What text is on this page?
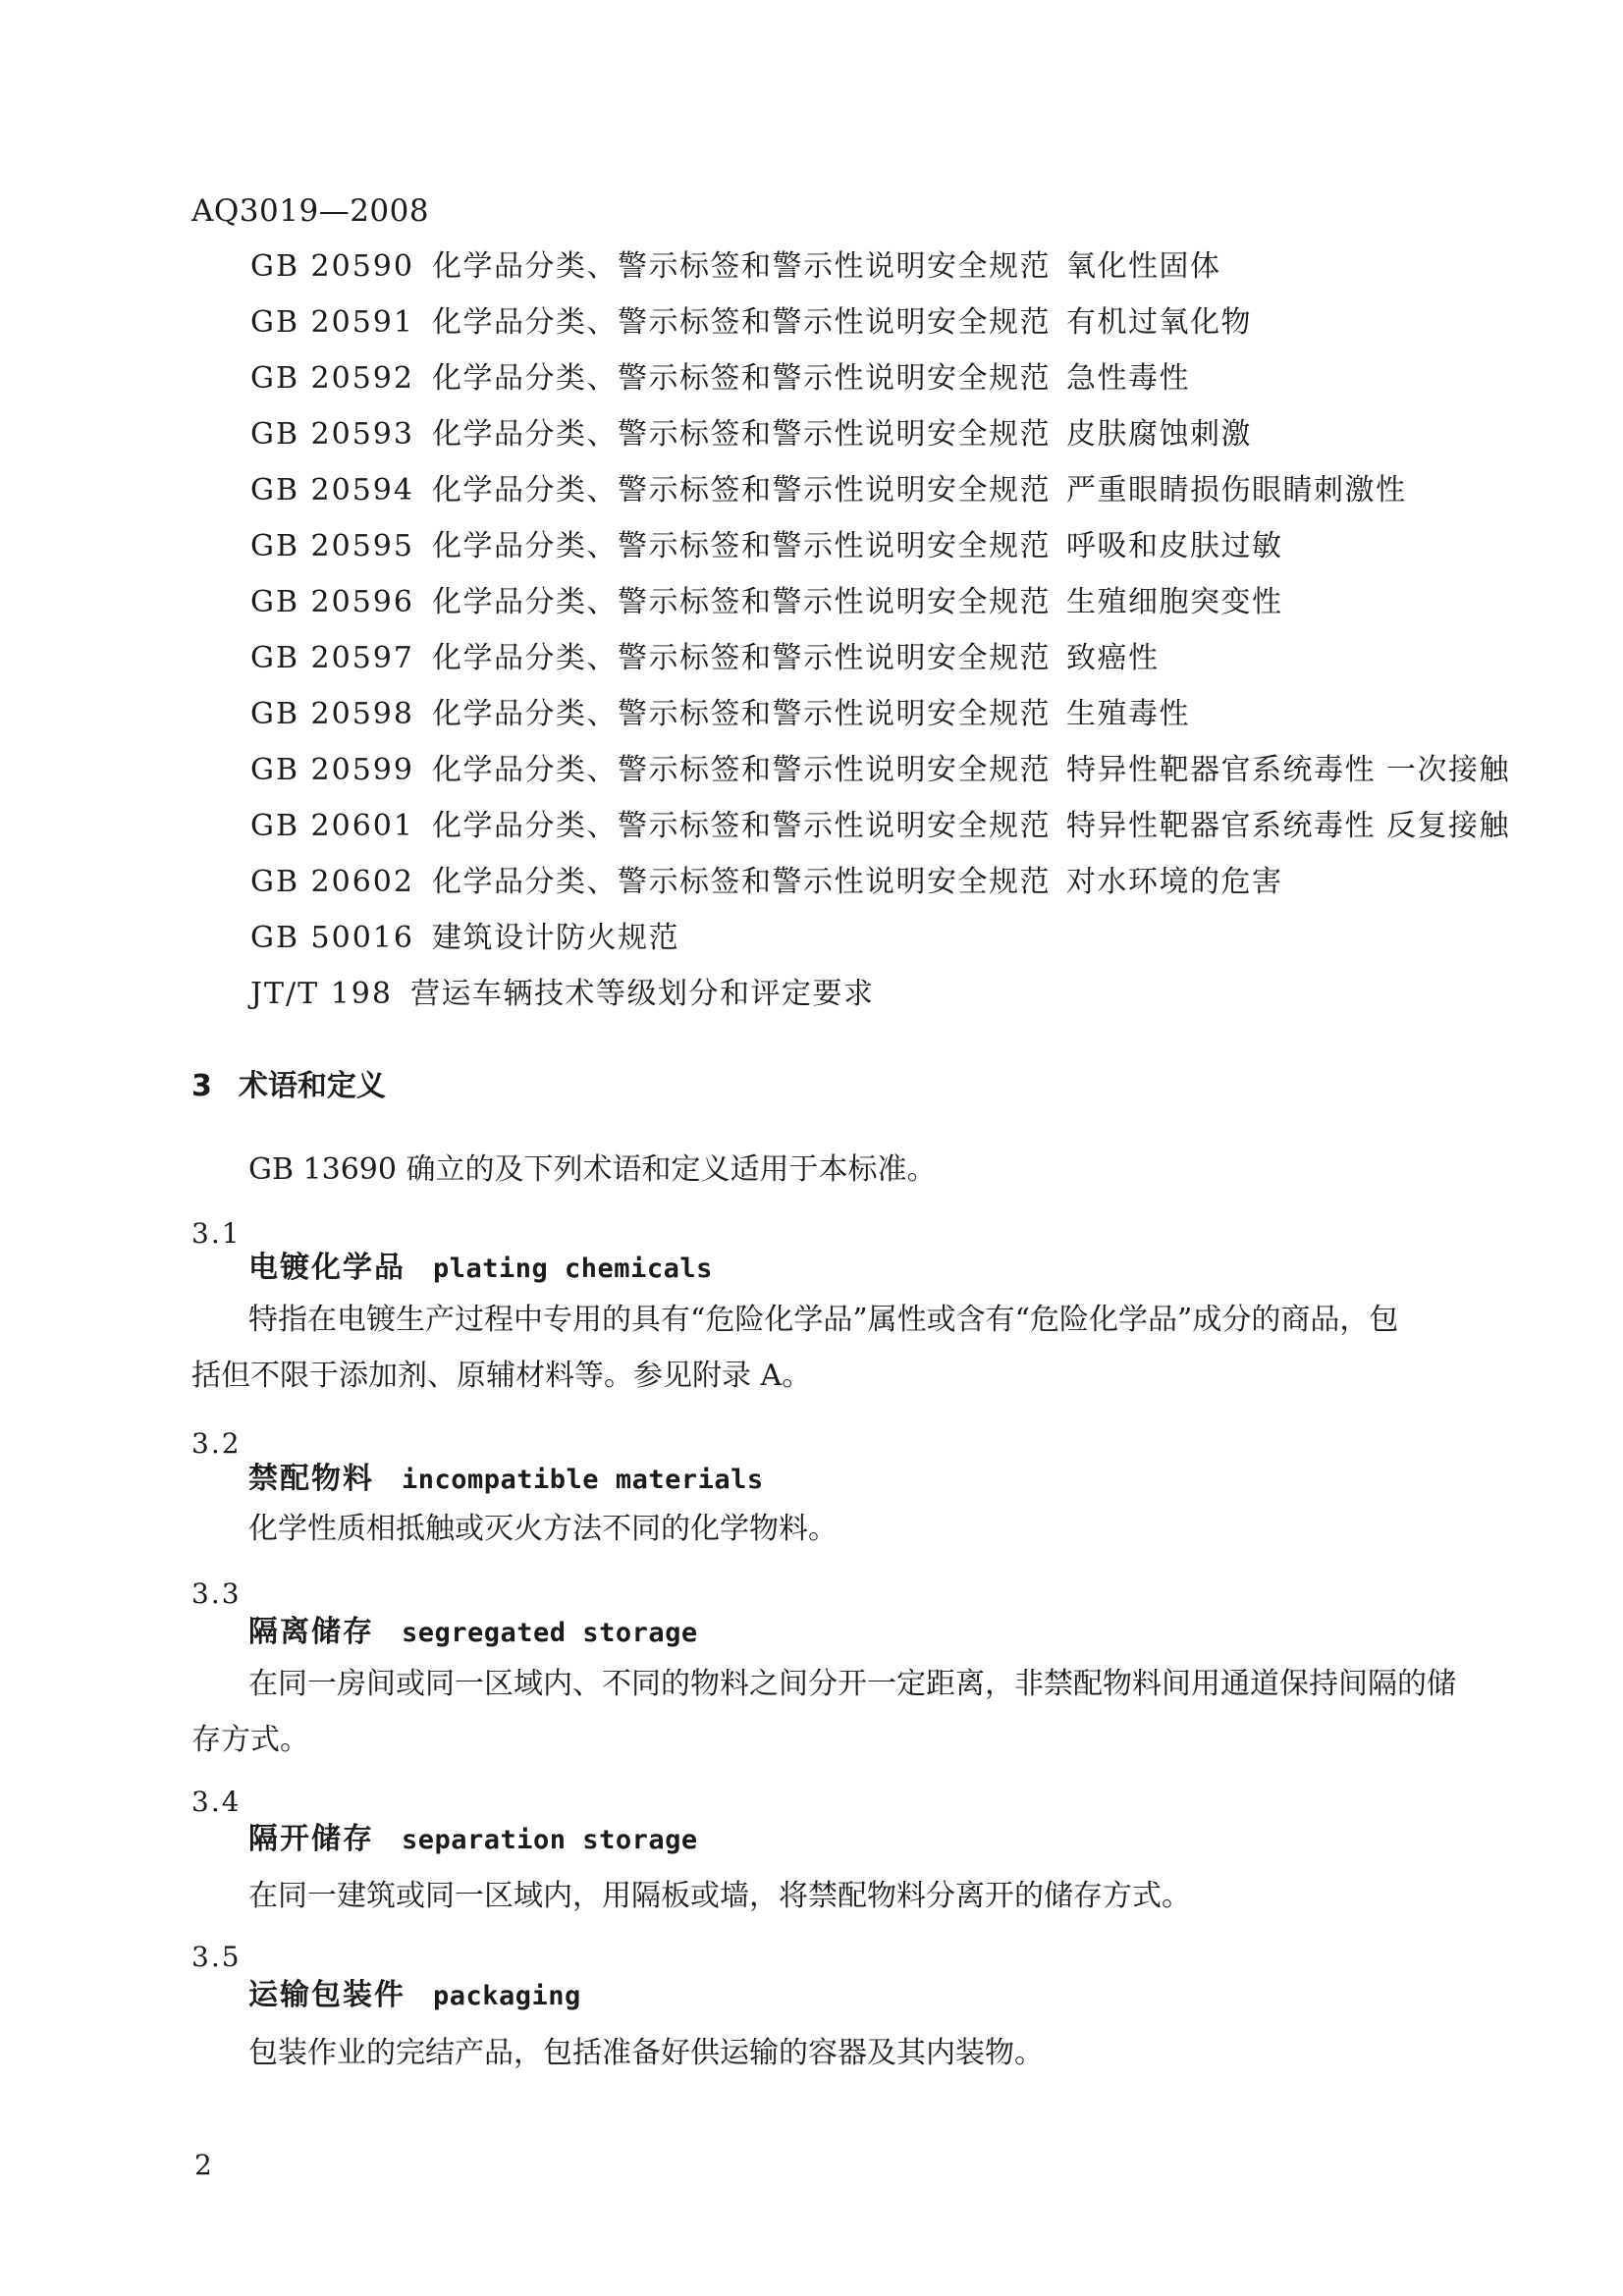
AQ3019—2008
GB 20590 化学品分类、警示标签和警示性说明安全规范 氧化性固体
GB 20591 化学品分类、警示标签和警示性说明安全规范 有机过氧化物
GB 20592 化学品分类、警示标签和警示性说明安全规范 急性毒性
GB 20593 化学品分类、警示标签和警示性说明安全规范 皮肤腐蚀刺激
GB 20594 化学品分类、警示标签和警示性说明安全规范 严重眼睛损伤眼睛刺激性
GB 20595 化学品分类、警示标签和警示性说明安全规范 呼吸和皮肤过敏
GB 20596 化学品分类、警示标签和警示性说明安全规范 生殖细胞突变性
GB 20597 化学品分类、警示标签和警示性说明安全规范 致癌性
GB 20598 化学品分类、警示标签和警示性说明安全规范 生殖毒性
GB 20599 化学品分类、警示标签和警示性说明安全规范 特异性靶器官系统毒性 一次接触
GB 20601 化学品分类、警示标签和警示性说明安全规范 特异性靶器官系统毒性 反复接触
GB 20602 化学品分类、警示标签和警示性说明安全规范 对水环境的危害
GB 50016 建筑设计防火规范
JT/T 198 营运车辆技术等级划分和评定要求
3 术语和定义
GB 13690 确立的及下列术语和定义适用于本标准。
3.1
电镀化学品 plating chemicals
特指在电镀生产过程中专用的具有“危险化学品”属性或含有“危险化学品”成分的商品，包
括但不限于添加剂、原辅材料等。参见附录 A。
3.2
禁配物料 incompatible materials
化学性质相抵触或灭火方法不同的化学物料。
3.3
隔离储存 segregated storage
在同一房间或同一区域内、不同的物料之间分开一定距离，非禁配物料间用通道保持间隔的储
存方式。
3.4
隔开储存 separation storage
在同一建筑或同一区域内，用隔板或墙，将禁配物料分离开的储存方式。
3.5
运输包装件 packaging
包装作业的完结产品，包括准备好供运输的容器及其内装物。
2
